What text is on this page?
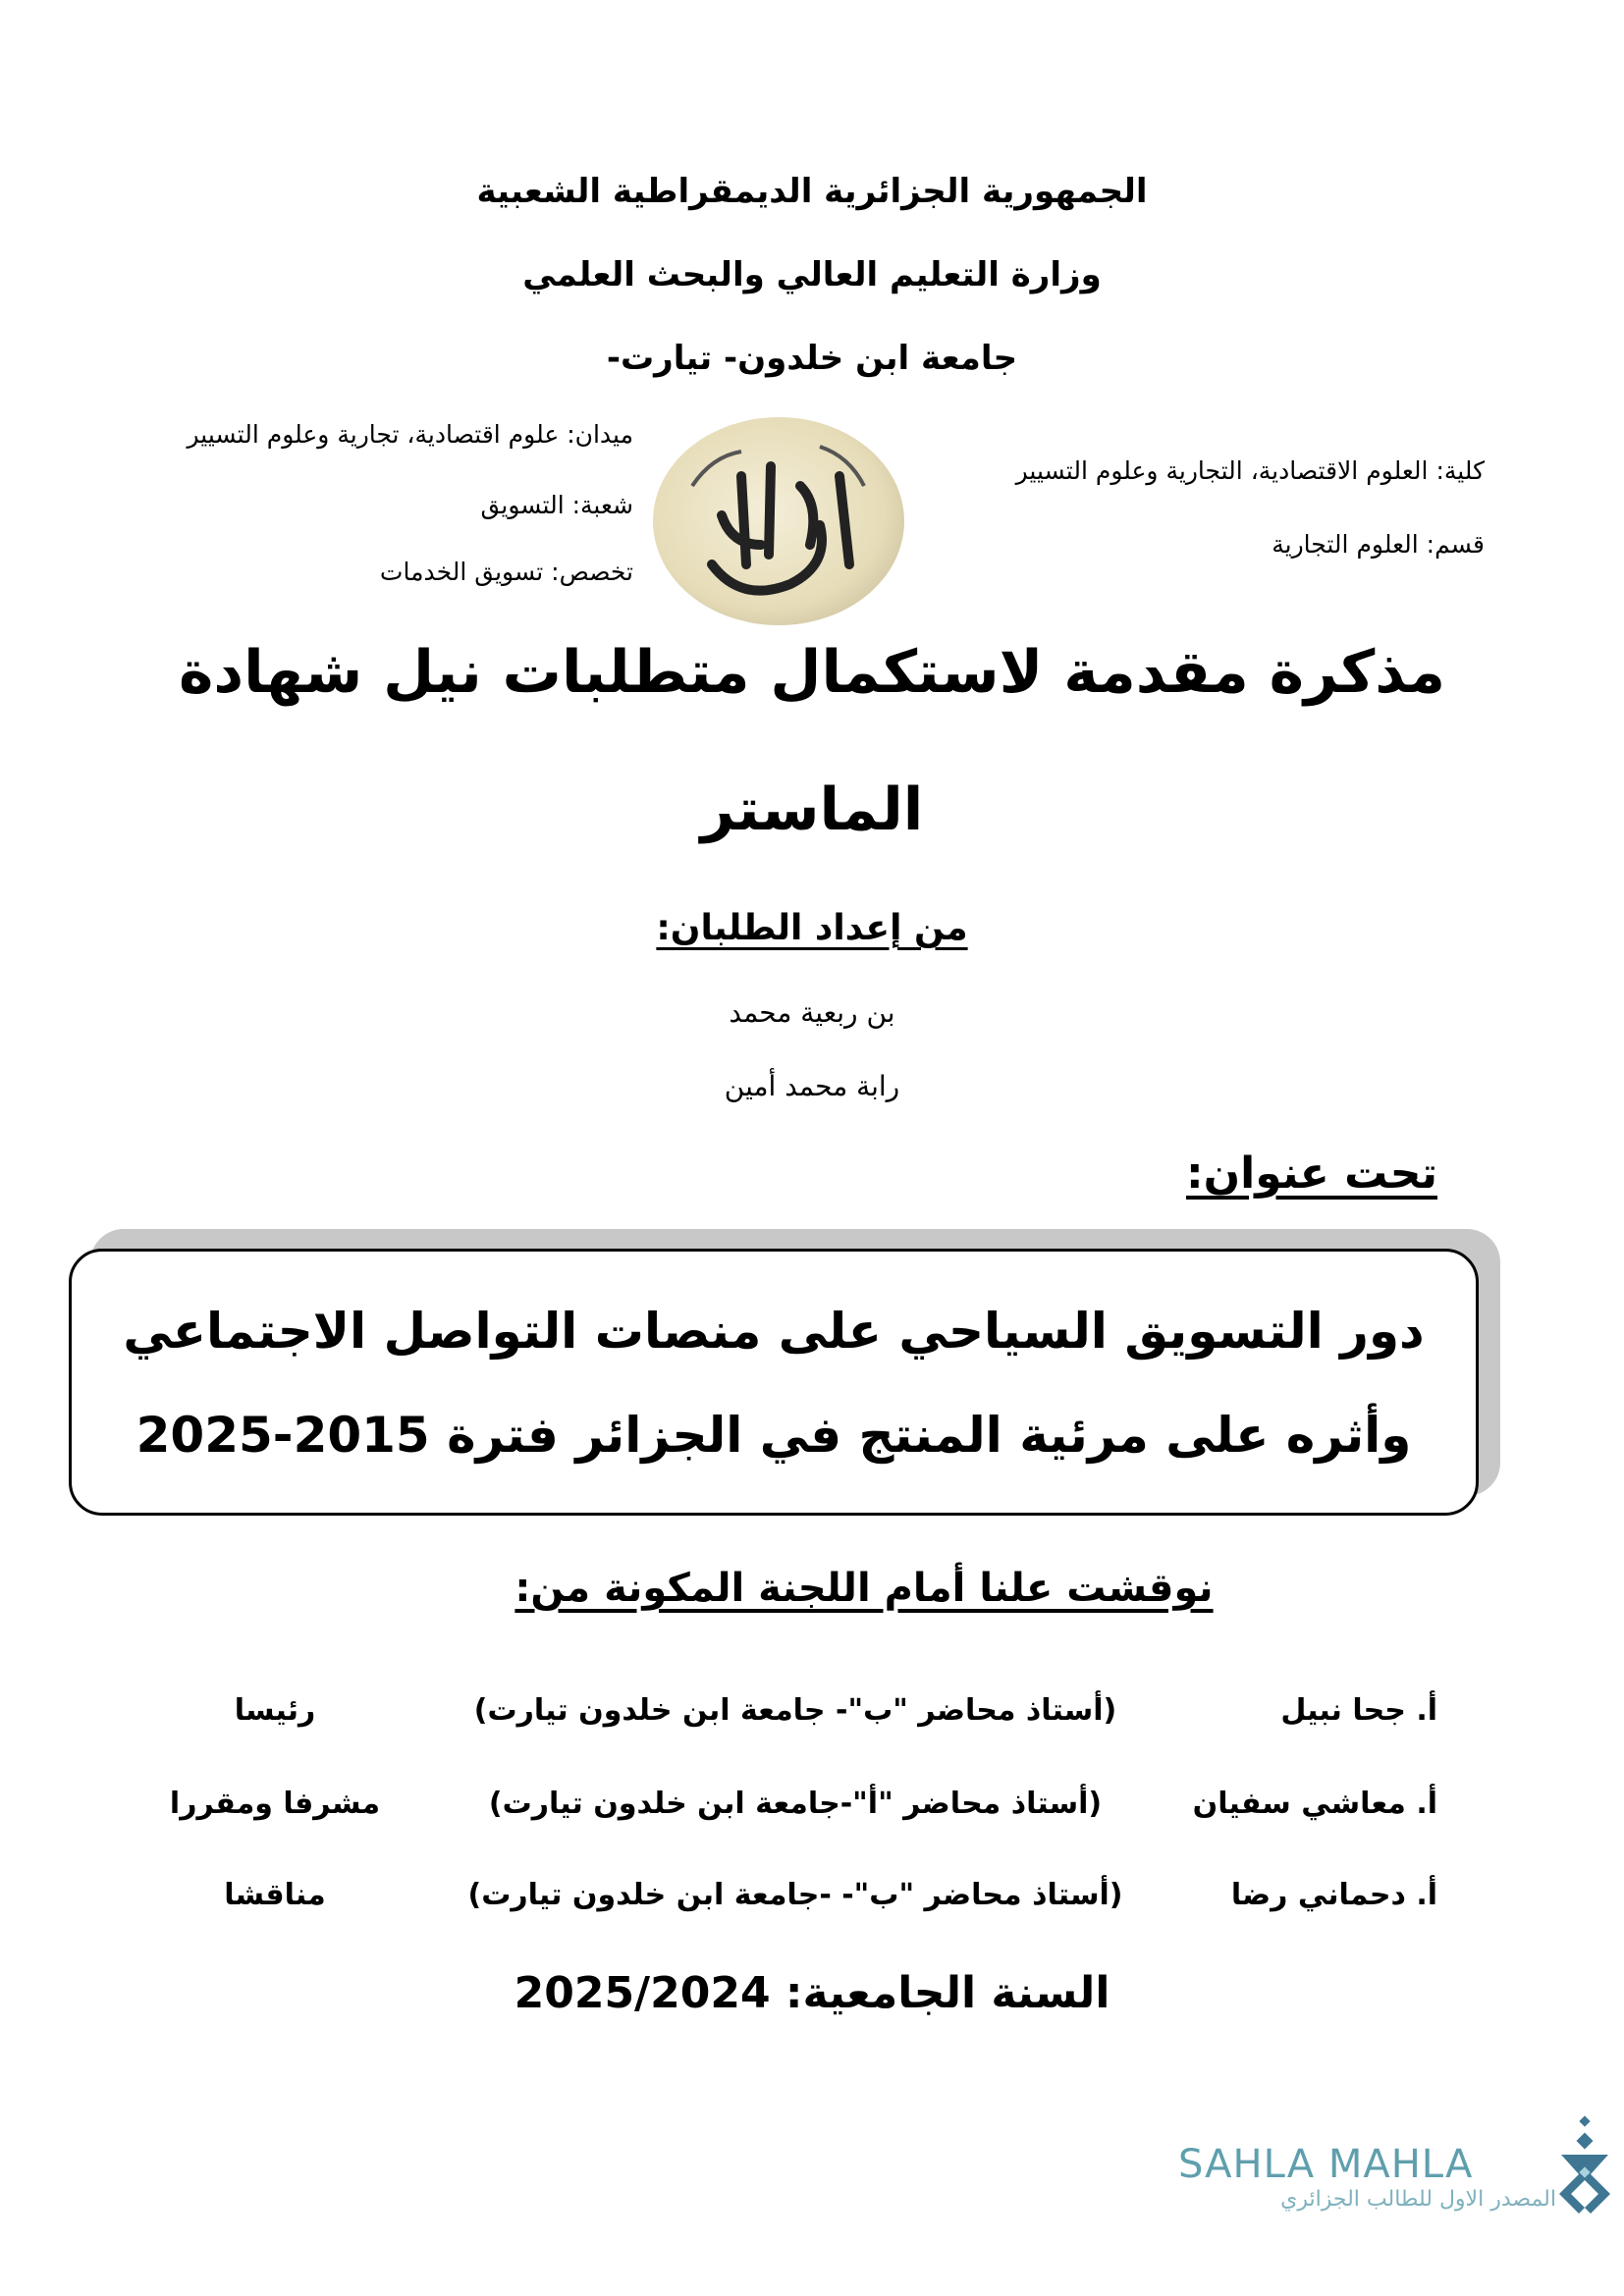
الجمهورية الجزائرية الديمقراطية الشعبية
وزارة التعليم العالي والبحث العلمي
جامعة ابن خلدون- تيارت-
كلية: العلوم الاقتصادية، التجارية وعلوم التسيير
قسم: العلوم التجارية
ميدان: علوم اقتصادية، تجارية وعلوم التسيير
شعبة: التسويق
تخصص: تسويق الخدمات
مذكرة مقدمة لاستكمال متطلبات نيل شهادة
الماستر
من إعداد الطلبان:
بن ربعية محمد
رابة محمد أمين
تحت عنوان:
دور التسويق السياحي على منصات التواصل الاجتماعي
وأثره على مرئية المنتج في الجزائر فترة 2015-2025
نوقشت علنا أمام اللجنة المكونة من:
أ. جحا نبيل
(أستاذ محاضر "ب"- جامعة ابن خلدون تيارت)
رئيسا
أ. معاشي سفيان
(أستاذ محاضر "أ"-جامعة ابن خلدون تيارت)
مشرفا ومقررا
أ. دحماني رضا
(أستاذ محاضر "ب"- -جامعة ابن خلدون تيارت)
مناقشا
السنة الجامعية: 2025/2024
SAHLA MAHLA
المصدر الاول للطالب الجزائري
